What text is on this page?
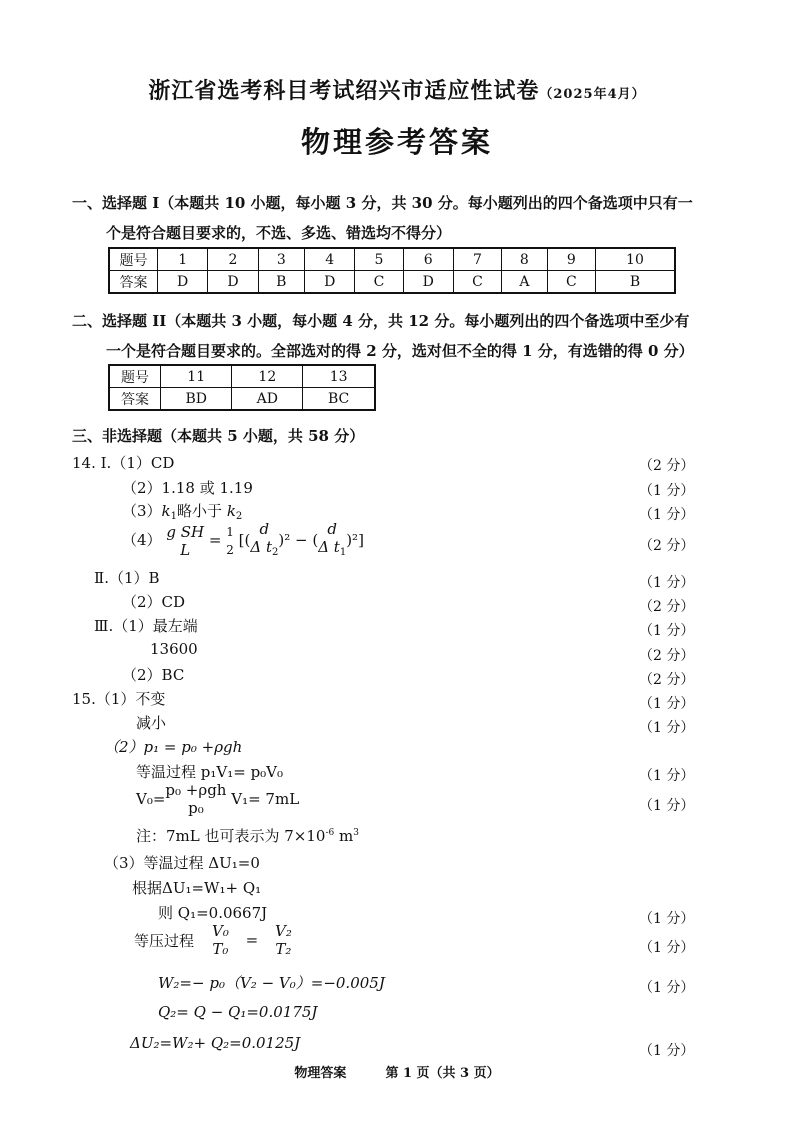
浙江省选考科目考试绍兴市适应性试卷（2025年4月）
物理参考答案
一、选择题 I（本题共 10 小题，每小题 3 分，共 30 分。每小题列出的四个备选项中只有一
个是符合题目要求的，不选、多选、错选均不得分）
题号	1	2	3	4	5	6	7	8	9	10
答案	D	D	B	D	C	D	C	A	C	B
二、选择题 II（本题共 3 小题，每小题 4 分，共 12 分。每小题列出的四个备选项中至少有
一个是符合题目要求的。全部选对的得 2 分，选对但不全的得 1 分，有选错的得 0 分）
题号	11	12	13
答案	BD	AD	BC
三、非选择题（本题共 5 小题，共 58 分）
14. Ⅰ.（1）CD	（2 分）
（2）1.18 或 1.19	（1 分）
$(3)k_1$略小于 $k_2$	（1 分）
（4） g SH
L
= 1
2
[(
d
Δ $t_2$
)² − (
d
Δ $t_1$
)²]	（2 分）
Ⅱ.（1）B	（1 分）
（2）CD	（2 分）
Ⅲ.（1）最左端	（1 分）
13600	（2 分）
（2）BC	（2 分）
15.（1）不变	（1 分）
减小	（1 分）
（2）p₁ = p₀ +ρgh
等温过程 p₁V₁= p₀V₀	（1 分）
V₀= p₀ +ρgh
p₀	V₁= 7mL	（1 分）
注：7mL 也可表示为 $7\times 10^{-6}$ $m^3$
（3）等温过程 ΔU₁=0
根据ΔU₁=W₁+ Q₁
则 Q₁=0.0667J	（1 分）
等压过程
V₀
T₀ = V₂
T₂	（1 分）
W₂=− p₀（V₂ − V₀）=−0.005J	（1 分）
Q₂= Q − Q₁=0.0175J
ΔU₂=W₂+ Q₂=0.0125J	（1 分）
物理答案	第 1 页（共 3 页）
